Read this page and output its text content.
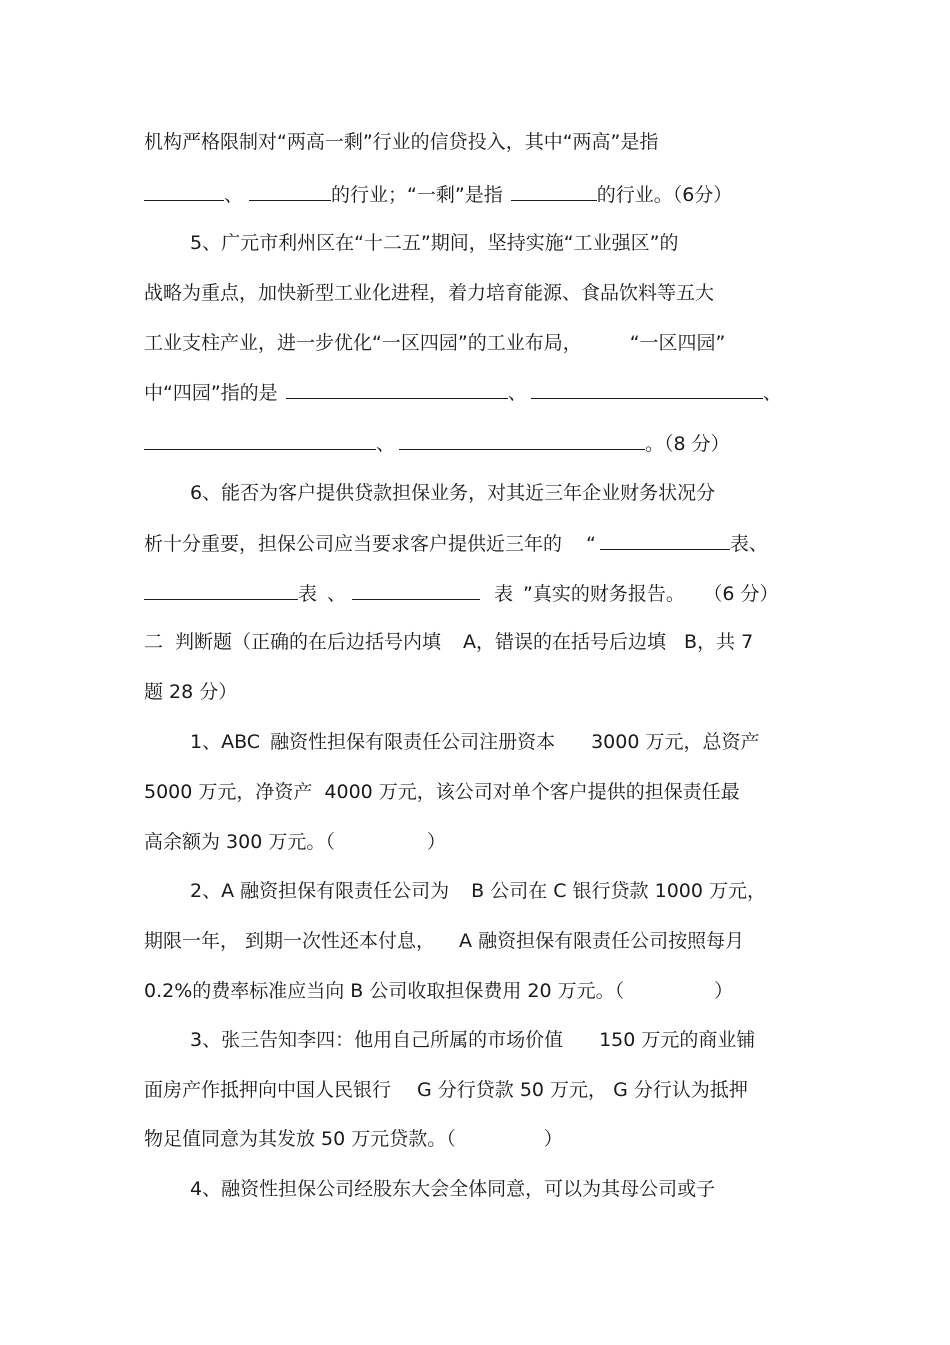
机构严格限制对“两高一剩”行业的信贷投入，其中“两高”是指
、	的行业；“一剩”是指	的行业。（6分）
5、广元市利州区在“十二五”期间，坚持实施“工业强区”的
战略为重点，加快新型工业化进程，着力培育能源、食品饮料等五大
工业支柱产业，进一步优化“一区四园”的工业布局，	“一区四园”
中“四园”指的是	、	、
、	。（8 分）
6、能否为客户提供贷款担保业务，对其近三年企业财务状况分
析十分重要，担保公司应当要求客户提供近三年的 “	表、
表 、	表 ”真实的财务报告。 （6 分）
二 判断题（正确的在后边括号内填 A，错误的在括号后边填 B，共 7
题 28 分）
1、ABC 融资性担保有限责任公司注册资本 3000 万元，总资产
5000 万元，净资产 4000 万元，该公司对单个客户提供的担保责任最
高余额为 300 万元。（	）
2、A 融资担保有限责任公司为 B 公司在 C 银行贷款 1000 万元，
期限一年， 到期一次性还本付息， A 融资担保有限责任公司按照每月
0.2%的费率标准应当向 B 公司收取担保费用 20 万元。（	）
3、张三告知李四：他用自己所属的市场价值 150 万元的商业铺
面房产作抵押向中国人民银行 G 分行贷款 50 万元， G 分行认为抵押
物足值同意为其发放 50 万元贷款。（	）
4、融资性担保公司经股东大会全体同意，可以为其母公司或子
